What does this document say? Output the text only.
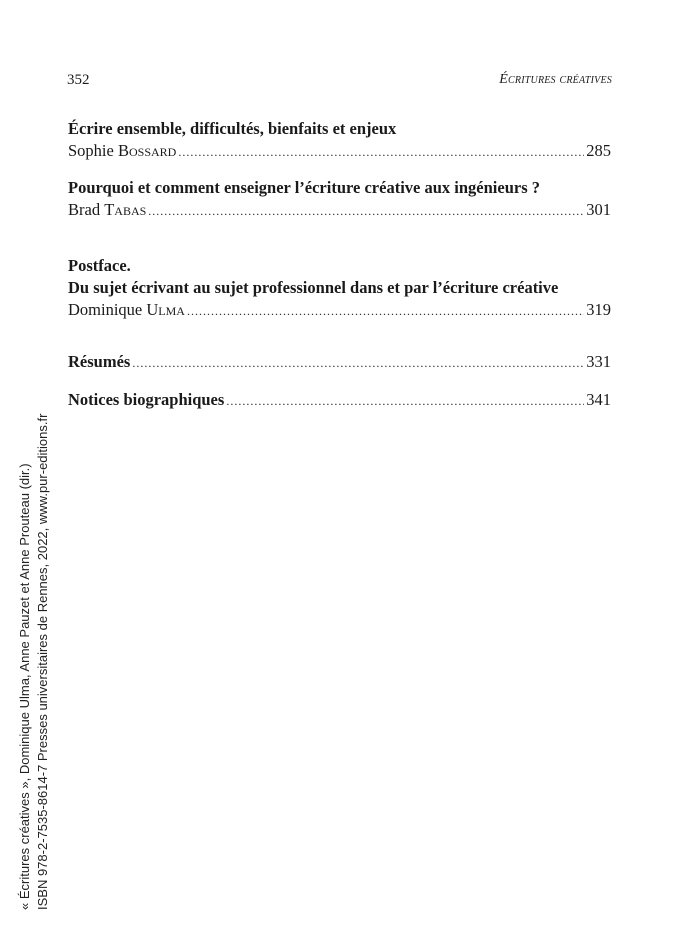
352	Écritures créatives
Écrire ensemble, difficultés, bienfaits et enjeux
Sophie Bossard .....	285
Pourquoi et comment enseigner l’écriture créative aux ingénieurs ?
Brad Tabas .....	301
Postface.
Du sujet écrivant au sujet professionnel dans et par l’écriture créative
Dominique Ulma .....	319
Résumés .....	331
Notices biographiques .....	341
« Écritures créatives », Dominique Ulma, Anne Pauzet et Anne Prouteau (dir.) ISBN 978-2-7535-8614-7 Presses universitaires de Rennes, 2022, www.pur-editions.fr
